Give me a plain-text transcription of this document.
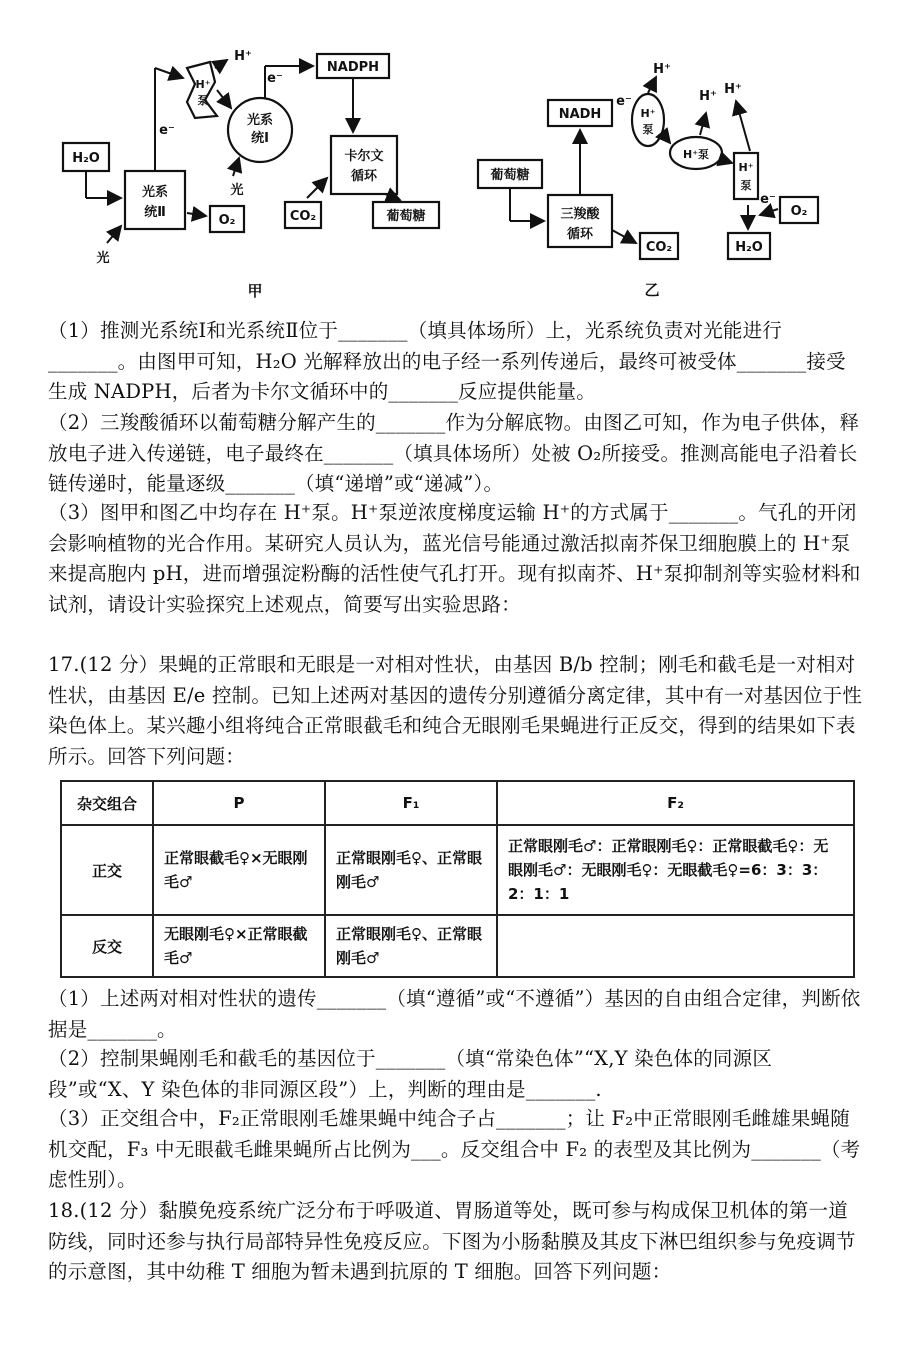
H₂O
光系
统Ⅱ
O₂
H⁺
泵
光系
统Ⅰ
NADPH
卡尔文
循环
CO₂	葡萄糖
H⁺
e⁻
e⁻
光
光
甲
NADH	H⁺
泵
H⁺泵
H⁺
泵
葡萄糖
三羧酸
循环
CO₂
O₂
H₂O
H⁺
H⁺ H⁺
e⁻
e⁻
乙

（1）推测光系统Ⅰ和光系统Ⅱ位于_______（填具体场所）上，光系统负责对光能进行_______。由图甲可知，H₂O 光解释放出的电子经一系列传递后，最终可被受体_______接受生成 NADPH，后者为卡尔文循环中的_______反应提供能量。

（2）三羧酸循环以葡萄糖分解产生的_______作为分解底物。由图乙可知，作为电子供体，释放电子进入传递链，电子最终在_______（填具体场所）处被 O₂所接受。推测高能电子沿着长链传递时，能量逐级_______（填“递增”或“递减”）。

（3）图甲和图乙中均存在 H⁺泵。H⁺泵逆浓度梯度运输 H⁺的方式属于_______。气孔的开闭会影响植物的光合作用。某研究人员认为，蓝光信号能通过激活拟南芥保卫细胞膜上的 H⁺泵来提高胞内 pH，进而增强淀粉酶的活性使气孔打开。现有拟南芥、H⁺泵抑制剂等实验材料和试剂，请设计实验探究上述观点，简要写出实验思路：

17.(12 分）果蝇的正常眼和无眼是一对相对性状，由基因 B/b 控制；刚毛和截毛是一对相对性状，由基因 E/e 控制。已知上述两对基因的遗传分别遵循分离定律，其中有一对基因位于性染色体上。某兴趣小组将纯合正常眼截毛和纯合无眼刚毛果蝇进行正反交，得到的结果如下表所示。回答下列问题：

杂交组合	P	F₁	F₂
正交	正常眼截毛♀×无眼刚毛♂	正常眼刚毛♀、正常眼刚毛♂	正常眼刚毛♂：正常眼刚毛♀：正常眼截毛♀：无眼刚毛♂：无眼刚毛♀：无眼截毛♀=6：3：3：2：1：1
反交	无眼刚毛♀×正常眼截毛♂	正常眼刚毛♀、正常眼刚毛♂	

（1）上述两对相对性状的遗传_______（填“遵循”或“不遵循”）基因的自由组合定律，判断依据是_______。

（2）控制果蝇刚毛和截毛的基因位于_______（填“常染色体”“X,Y 染色体的同源区段”或“X、Y 染色体的非同源区段”）上，判断的理由是_______.

（3）正交组合中，F₂正常眼刚毛雄果蝇中纯合子占_______；让 F₂中正常眼刚毛雌雄果蝇随机交配，F₃ 中无眼截毛雌果蝇所占比例为___。反交组合中 F₂ 的表型及其比例为_______（考虑性别）。

18.(12 分）黏膜免疫系统广泛分布于呼吸道、胃肠道等处，既可参与构成保卫机体的第一道防线，同时还参与执行局部特异性免疫反应。下图为小肠黏膜及其皮下淋巴组织参与免疫调节的示意图，其中幼稚 T 细胞为暂未遇到抗原的 T 细胞。回答下列问题：
